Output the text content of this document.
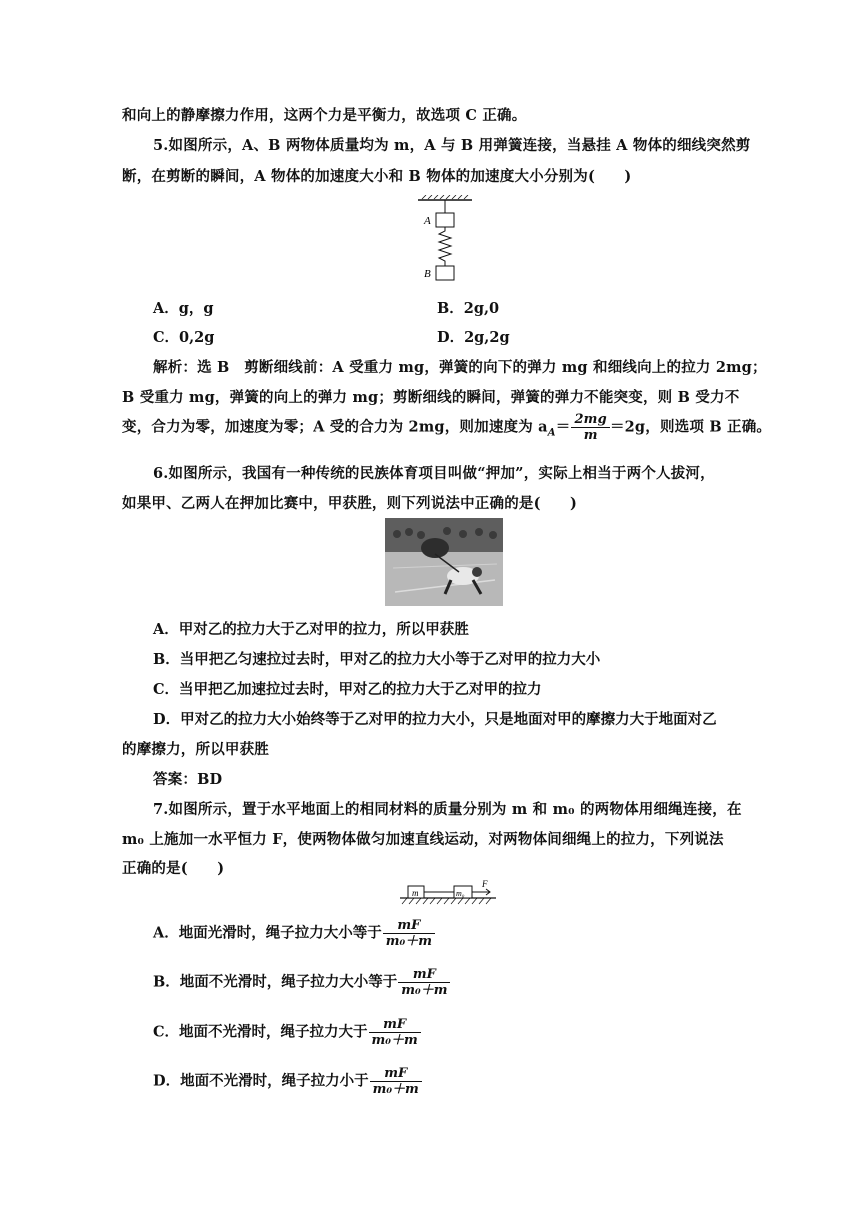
和向上的静摩擦力作用，这两个力是平衡力，故选项 C 正确。
5.如图所示，A、B 两物体质量均为 m，A 与 B 用弹簧连接，当悬挂 A 物体的细线突然剪
断，在剪断的瞬间，A 物体的加速度大小和 B 物体的加速度大小分别为(　　)
A
B
A．g，g	B．2g,0
C．0,2g	D．2g,2g
解析：选 B　剪断细线前：A 受重力 mg，弹簧的向下的弹力 mg 和细线向上的拉力 2mg；
B 受重力 mg，弹簧的向上的弹力 mg；剪断细线的瞬间，弹簧的弹力不能突变，则 B 受力不
变，合力为零，加速度为零；A 受的合力为 2mg，则加速度为 $a_A= \frac{2mg}{m} =2g$，则选项 B 正确。
6.如图所示，我国有一种传统的民族体育项目叫做“押加”，实际上相当于两个人拔河，
如果甲、乙两人在押加比赛中，甲获胜，则下列说法中正确的是(　　)
A．甲对乙的拉力大于乙对甲的拉力，所以甲获胜
B．当甲把乙匀速拉过去时，甲对乙的拉力大小等于乙对甲的拉力大小
C．当甲把乙加速拉过去时，甲对乙的拉力大于乙对甲的拉力
D．甲对乙的拉力大小始终等于乙对甲的拉力大小，只是地面对甲的摩擦力大于地面对乙
的摩擦力，所以甲获胜
答案：BD
7.如图所示，置于水平地面上的相同材料的质量分别为 m 和 m₀ 的两物体用细绳连接，在
m₀ 上施加一水平恒力 F，使两物体做匀加速直线运动，对两物体间细绳上的拉力，下列说法
正确的是(　　)
m	m₀
F
A．地面光滑时，绳子拉力大小等于 $\frac{mF}{\text{m₀＋m}}$
B．地面不光滑时，绳子拉力大小等于 $\frac{mF}{\text{m₀＋m}}$
C．地面不光滑时，绳子拉力大于 $\frac{mF}{\text{m₀＋m}}$
D．地面不光滑时，绳子拉力小于 $\frac{mF}{\text{m₀＋m}}$
